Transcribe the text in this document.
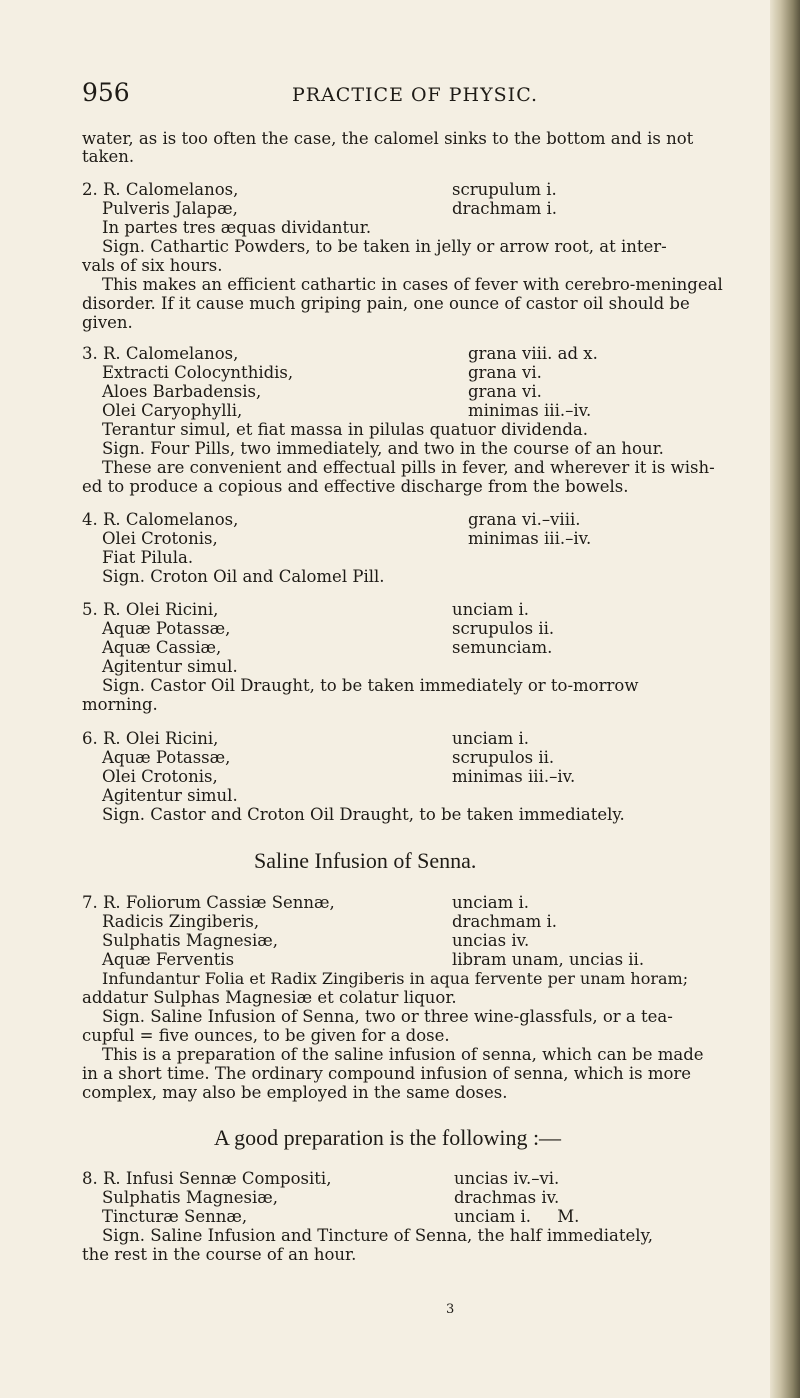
956	PRACTICE OF PHYSIC.
water, as is too often the case, the calomel sinks to the bottom and is not
taken.
2. R. Calomelanos,	scrupulum i.
Pulveris Jalapæ,	drachmam i.
In partes tres æquas dividantur.
Sign. Cathartic Powders, to be taken in jelly or arrow root, at inter-
vals of six hours.
This makes an efficient cathartic in cases of fever with cerebro-meningeal
disorder. If it cause much griping pain, one ounce of castor oil should be
given.
3. R. Calomelanos,	grana viii. ad x.
Extracti Colocynthidis,	grana vi.
Aloes Barbadensis,	grana vi.
Olei Caryophylli,	minimas iii.–iv.
Terantur simul, et fiat massa in pilulas quatuor dividenda.
Sign. Four Pills, two immediately, and two in the course of an hour.
These are convenient and effectual pills in fever, and wherever it is wish-
ed to produce a copious and effective discharge from the bowels.
4. R. Calomelanos,	grana vi.–viii.
Olei Crotonis,	minimas iii.–iv.
Fiat Pilula.
Sign. Croton Oil and Calomel Pill.
5. R. Olei Ricini,	unciam i.
Aquæ Potassæ,	scrupulos ii.
Aquæ Cassiæ,	semunciam.
Agitentur simul.
Sign. Castor Oil Draught, to be taken immediately or to-morrow
morning.
6. R. Olei Ricini,	unciam i.
Aquæ Potassæ,	scrupulos ii.
Olei Crotonis,	minimas iii.–iv.
Agitentur simul.
Sign. Castor and Croton Oil Draught, to be taken immediately.
Saline Infusion of Senna.
7. R. Foliorum Cassiæ Sennæ,	unciam i.
Radicis Zingiberis,	drachmam i.
Sulphatis Magnesiæ,	uncias iv.
Aquæ Ferventis	libram unam, uncias ii.
Infundantur Folia et Radix Zingiberis in aqua fervente per unam horam;
addatur Sulphas Magnesiæ et colatur liquor.
Sign. Saline Infusion of Senna, two or three wine-glassfuls, or a tea-
cupful = five ounces, to be given for a dose.
This is a preparation of the saline infusion of senna, which can be made
in a short time. The ordinary compound infusion of senna, which is more
complex, may also be employed in the same doses.
A good preparation is the following :—
8. R. Infusi Sennæ Compositi,	uncias iv.–vi.
Sulphatis Magnesiæ,	drachmas iv.
Tincturæ Sennæ,	unciam i.     M.
Sign. Saline Infusion and Tincture of Senna, the half immediately,
the rest in the course of an hour.
3
